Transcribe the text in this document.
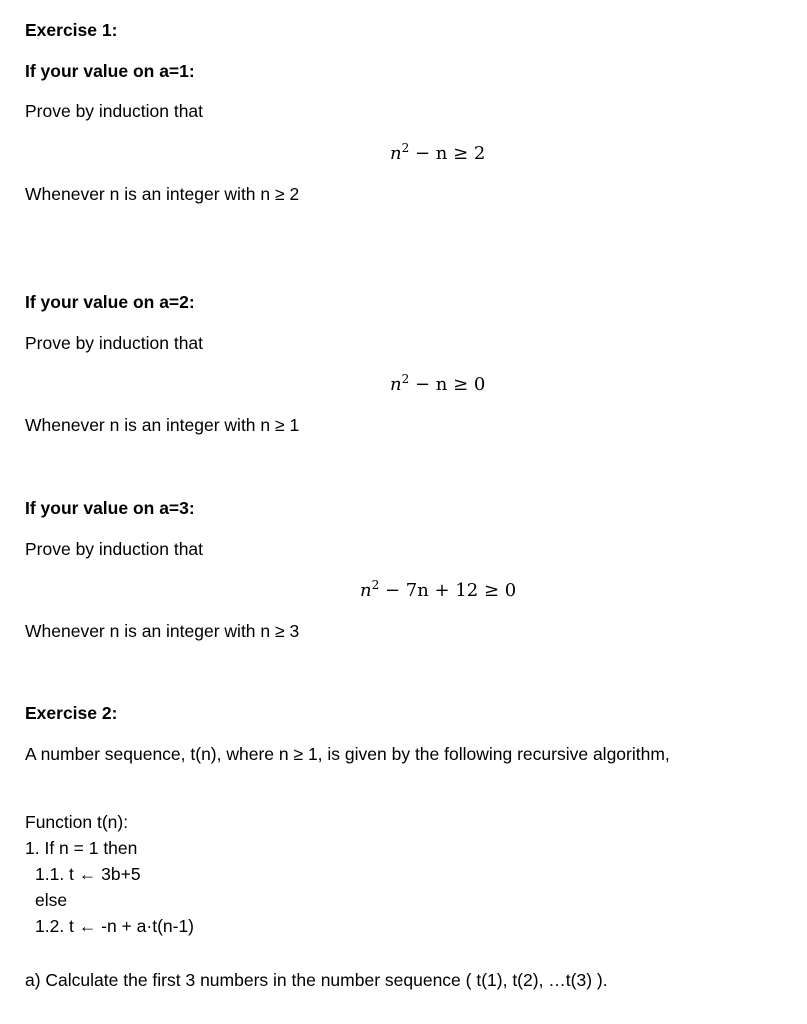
Exercise 1:
If your value on a=1:
Prove by induction that
$n^2 - n \ge 2$
Whenever n is an integer with n ≥ 2
If your value on a=2:
Prove by induction that
$n^2 - n \ge 0$
Whenever n is an integer with n ≥ 1
If your value on a=3:
Prove by induction that
$n^2 - 7n + 12 \ge 0$
Whenever n is an integer with n ≥ 3
Exercise 2:
A number sequence, t(n), where n ≥ 1, is given by the following recursive algorithm,
Function t(n):
1. If n = 1 then
1.1. t ← 3b+5
else
1.2. t ← -n + a·t(n-1)
a) Calculate the first 3 numbers in the number sequence ( t(1), t(2), …t(3) ).
